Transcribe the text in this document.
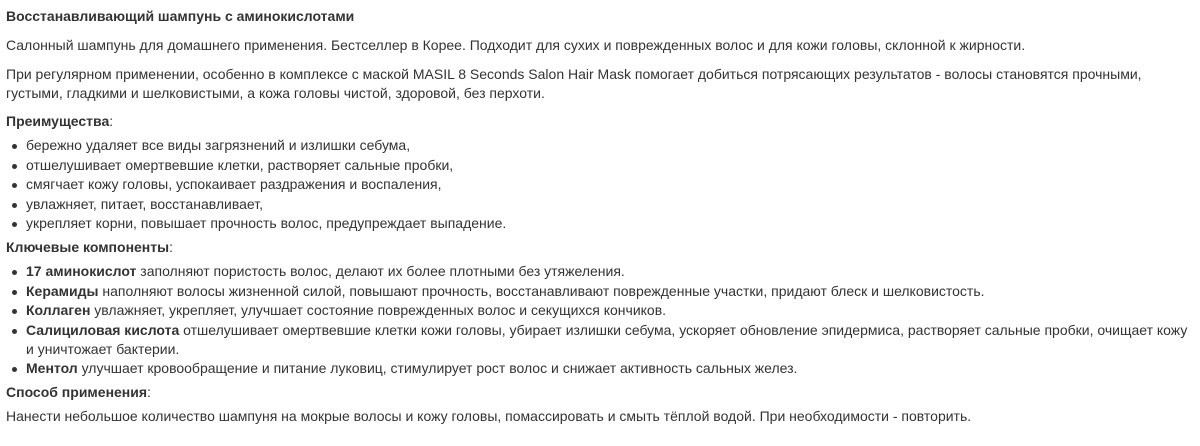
Восстанавливающий шампунь с аминокислотами

Салонный шампунь для домашнего применения. Бестселлер в Корее. Подходит для сухих и поврежденных волос и для кожи головы, склонной к жирности.

При регулярном применении, особенно в комплексе с маской MASIL 8 Seconds Salon Hair Mask помогает добиться потрясающих результатов - волосы становятся прочными, густыми, гладкими и шелковистыми, а кожа головы чистой, здоровой, без перхоти.

Преимущества:
бережно удаляет все виды загрязнений и излишки себума,
отшелушивает омертвевшие клетки, растворяет сальные пробки,
смягчает кожу головы, успокаивает раздражения и воспаления,
увлажняет, питает, восстанавливает,
укрепляет корни, повышает прочность волос, предупреждает выпадение.
Ключевые компоненты:
17 аминокислот заполняют пористость волос, делают их более плотными без утяжеления.
Керамиды наполняют волосы жизненной силой, повышают прочность, восстанавливают поврежденные участки, придают блеск и шелковистость.
Коллаген увлажняет, укрепляет, улучшает состояние поврежденных волос и секущихся кончиков.
Салициловая кислота отшелушивает омертвевшие клетки кожи головы, убирает излишки себума, ускоряет обновление эпидермиса, растворяет сальные пробки, очищает кожу и уничтожает бактерии.
Ментол улучшает кровообращение и питание луковиц, стимулирует рост волос и снижает активность сальных желез.
Способ применения:

Нанести небольшое количество шампуня на мокрые волосы и кожу головы, помассировать и смыть тёплой водой. При необходимости - повторить.
